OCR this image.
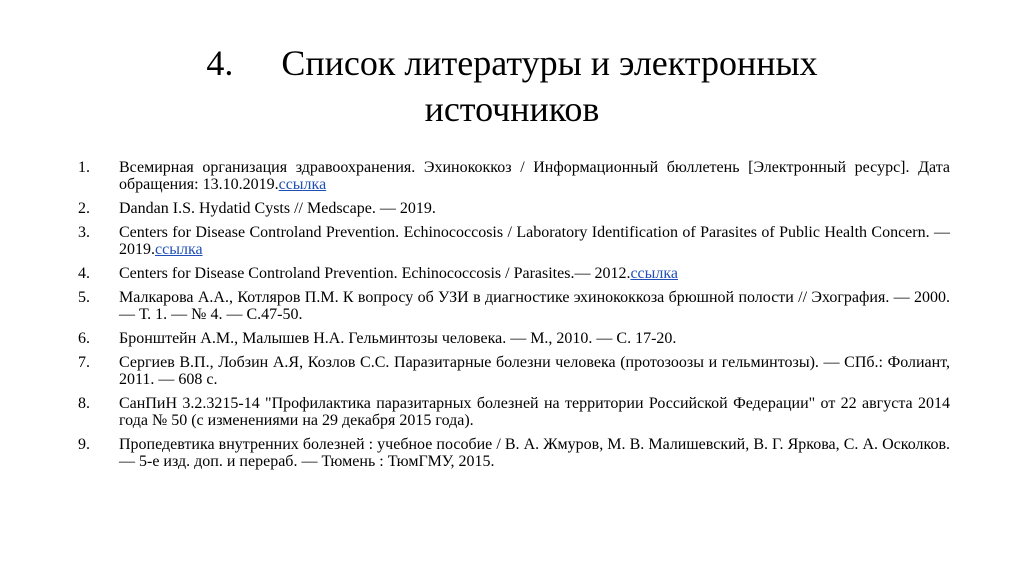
4. Список литературы и электронных
источников
1. Всемирная организация здравоохранения. Эхинококкоз / Информационный бюллетень [Электронный ресурс]. Дата обращения: 13.10.2019.ссылка
2. Dandan I.S. Hydatid Cysts // Medscape. — 2019.
3. Centers for Disease Controland Prevention. Echinococcosis / Laboratory Identification of Parasites of Public Health Concern. — 2019.ссылка
4. Centers for Disease Controland Prevention. Echinococcosis / Parasites.— 2012.ссылка
5. Малкарова А.А., Котляров П.М. К вопросу об УЗИ в диагностике эхинококкоза брюшной полости // Эхография. — 2000. — Т. 1. — № 4. — С.47-50.
6. Бронштейн А.М., Малышев Н.А. Гельминтозы человека. — М., 2010. — С. 17-20.
7. Сергиев В.П., Лобзин А.Я, Козлов С.С. Паразитарные болезни человека (протозоозы и гельминтозы). — СПб.: Фолиант, 2011. — 608 с.
8. СанПиН 3.2.3215-14 "Профилактика паразитарных болезней на территории Российской Федерации" от 22 августа 2014 года № 50 (с изменениями на 29 декабря 2015 года).
9. Пропедевтика внутренних болезней : учебное пособие / В. А. Жмуров, М. В. Малишевский, В. Г. Яркова, С. А. Осколков. — 5-е изд. доп. и перераб. — Тюмень : ТюмГМУ, 2015.
